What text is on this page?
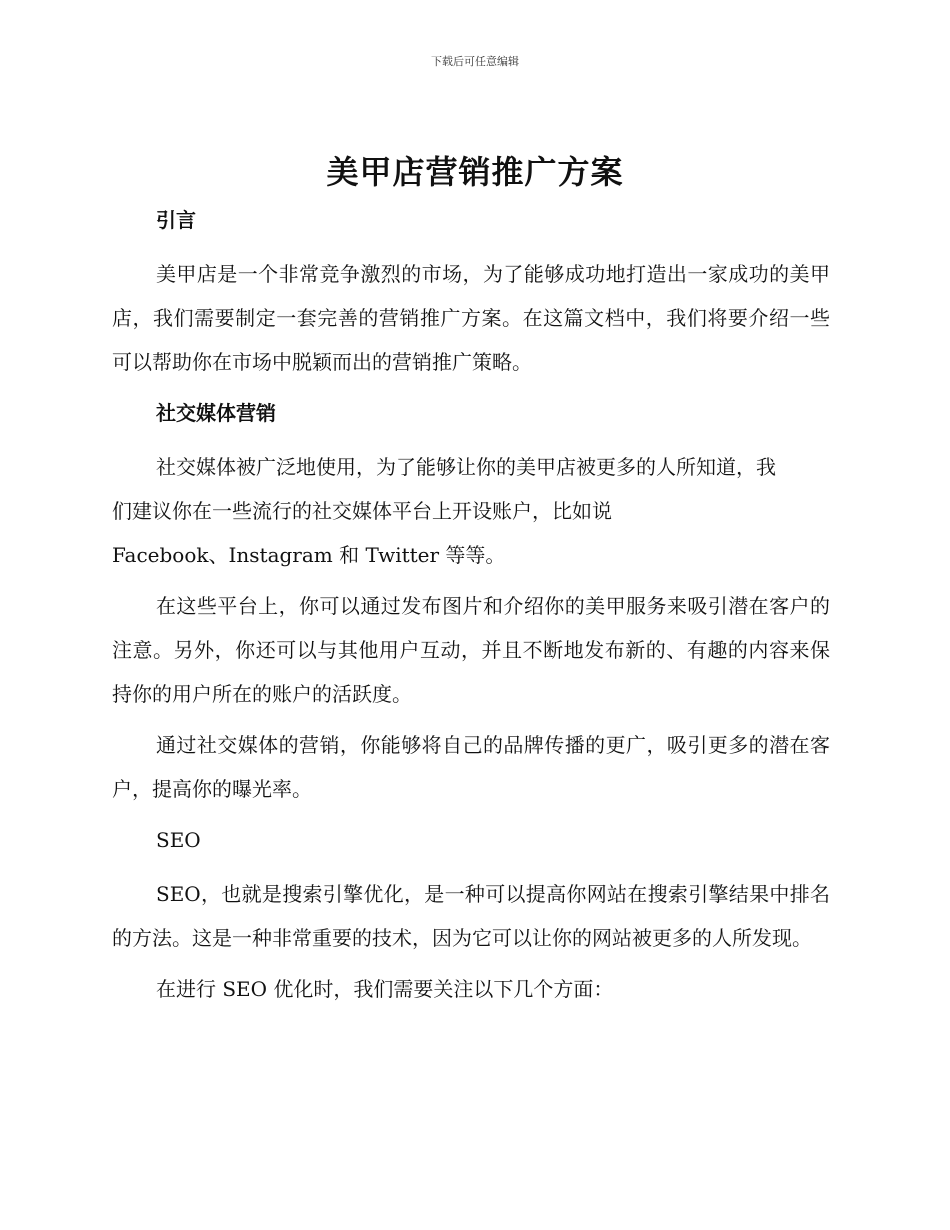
下载后可任意编辑
美甲店营销推广方案
引言

美甲店是一个非常竞争激烈的市场，为了能够成功地打造出一家成功的美甲店，我们需要制定一套完善的营销推广方案。在这篇文档中，我们将要介绍一些可以帮助你在市场中脱颖而出的营销推广策略。

社交媒体营销

社交媒体被广泛地使用，为了能够让你的美甲店被更多的人所知道，我

们建议你在一些流行的社交媒体平台上开设账户，比如说

Facebook、Instagram 和 Twitter 等等。

在这些平台上，你可以通过发布图片和介绍你的美甲服务来吸引潜在客户的注意。另外，你还可以与其他用户互动，并且不断地发布新的、有趣的内容来保持你的用户所在的账户的活跃度。

通过社交媒体的营销，你能够将自己的品牌传播的更广，吸引更多的潜在客户，提高你的曝光率。

SEO

SEO，也就是搜索引擎优化，是一种可以提高你网站在搜索引擎结果中排名的方法。这是一种非常重要的技术，因为它可以让你的网站被更多的人所发现。

在进行 SEO 优化时，我们需要关注以下几个方面：
